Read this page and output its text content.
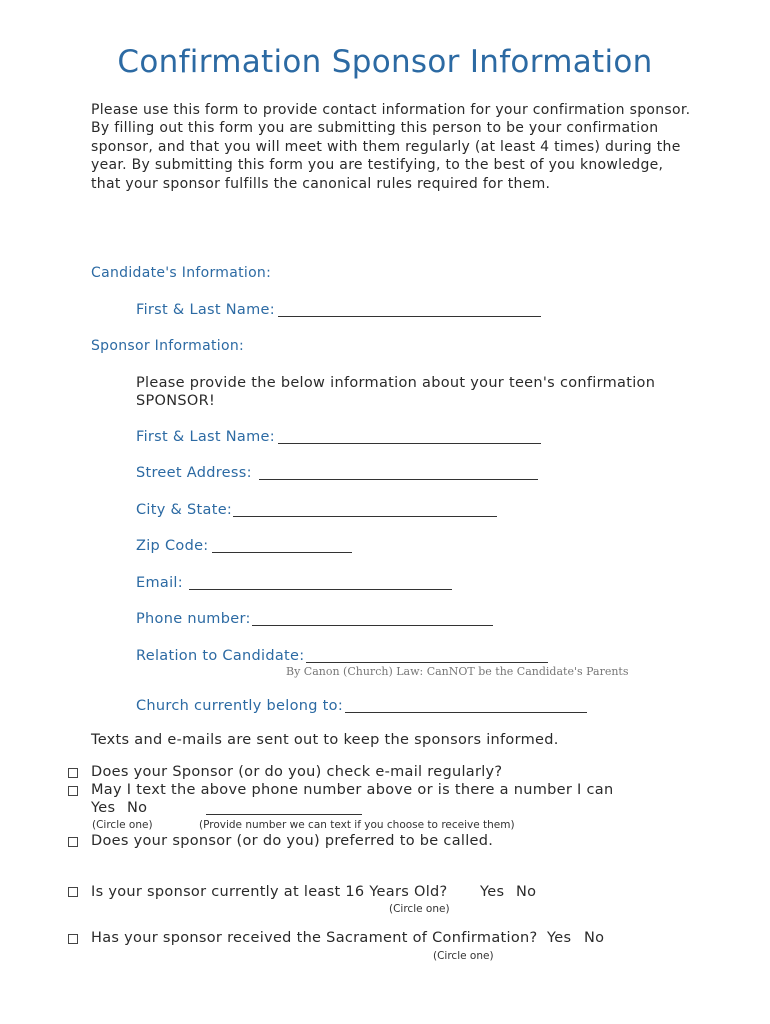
Confirmation Sponsor Information

Please use this form to provide contact information for your confirmation sponsor. By filling out this form you are submitting this person to be your confirmation sponsor, and that you will meet with them regularly (at least 4 times) during the year. By submitting this form you are testifying, to the best of you knowledge, that your sponsor fulfills the canonical rules required for them.

Candidate's Information:
First & Last Name:
Sponsor Information:
Please provide the below information about your teen's confirmation
SPONSOR!
First & Last Name:
Street Address:
City & State:
Zip Code:
Email:
Phone number:
Relation to Candidate:
By Canon (Church) Law: CanNOT be the Candidate's Parents
Church currently belong to:
Texts and e-mails are sent out to keep the sponsors informed.
Does your Sponsor (or do you) check e-mail regularly?
May I text the above phone number above or is there a number I can
Yes No
(Circle one)	(Provide number we can text if you choose to receive them)
Does your sponsor (or do you) preferred to be called.
Is your sponsor currently at least 16 Years Old? Yes No
(Circle one)
Has your sponsor received the Sacrament of Confirmation? Yes No
(Circle one)
